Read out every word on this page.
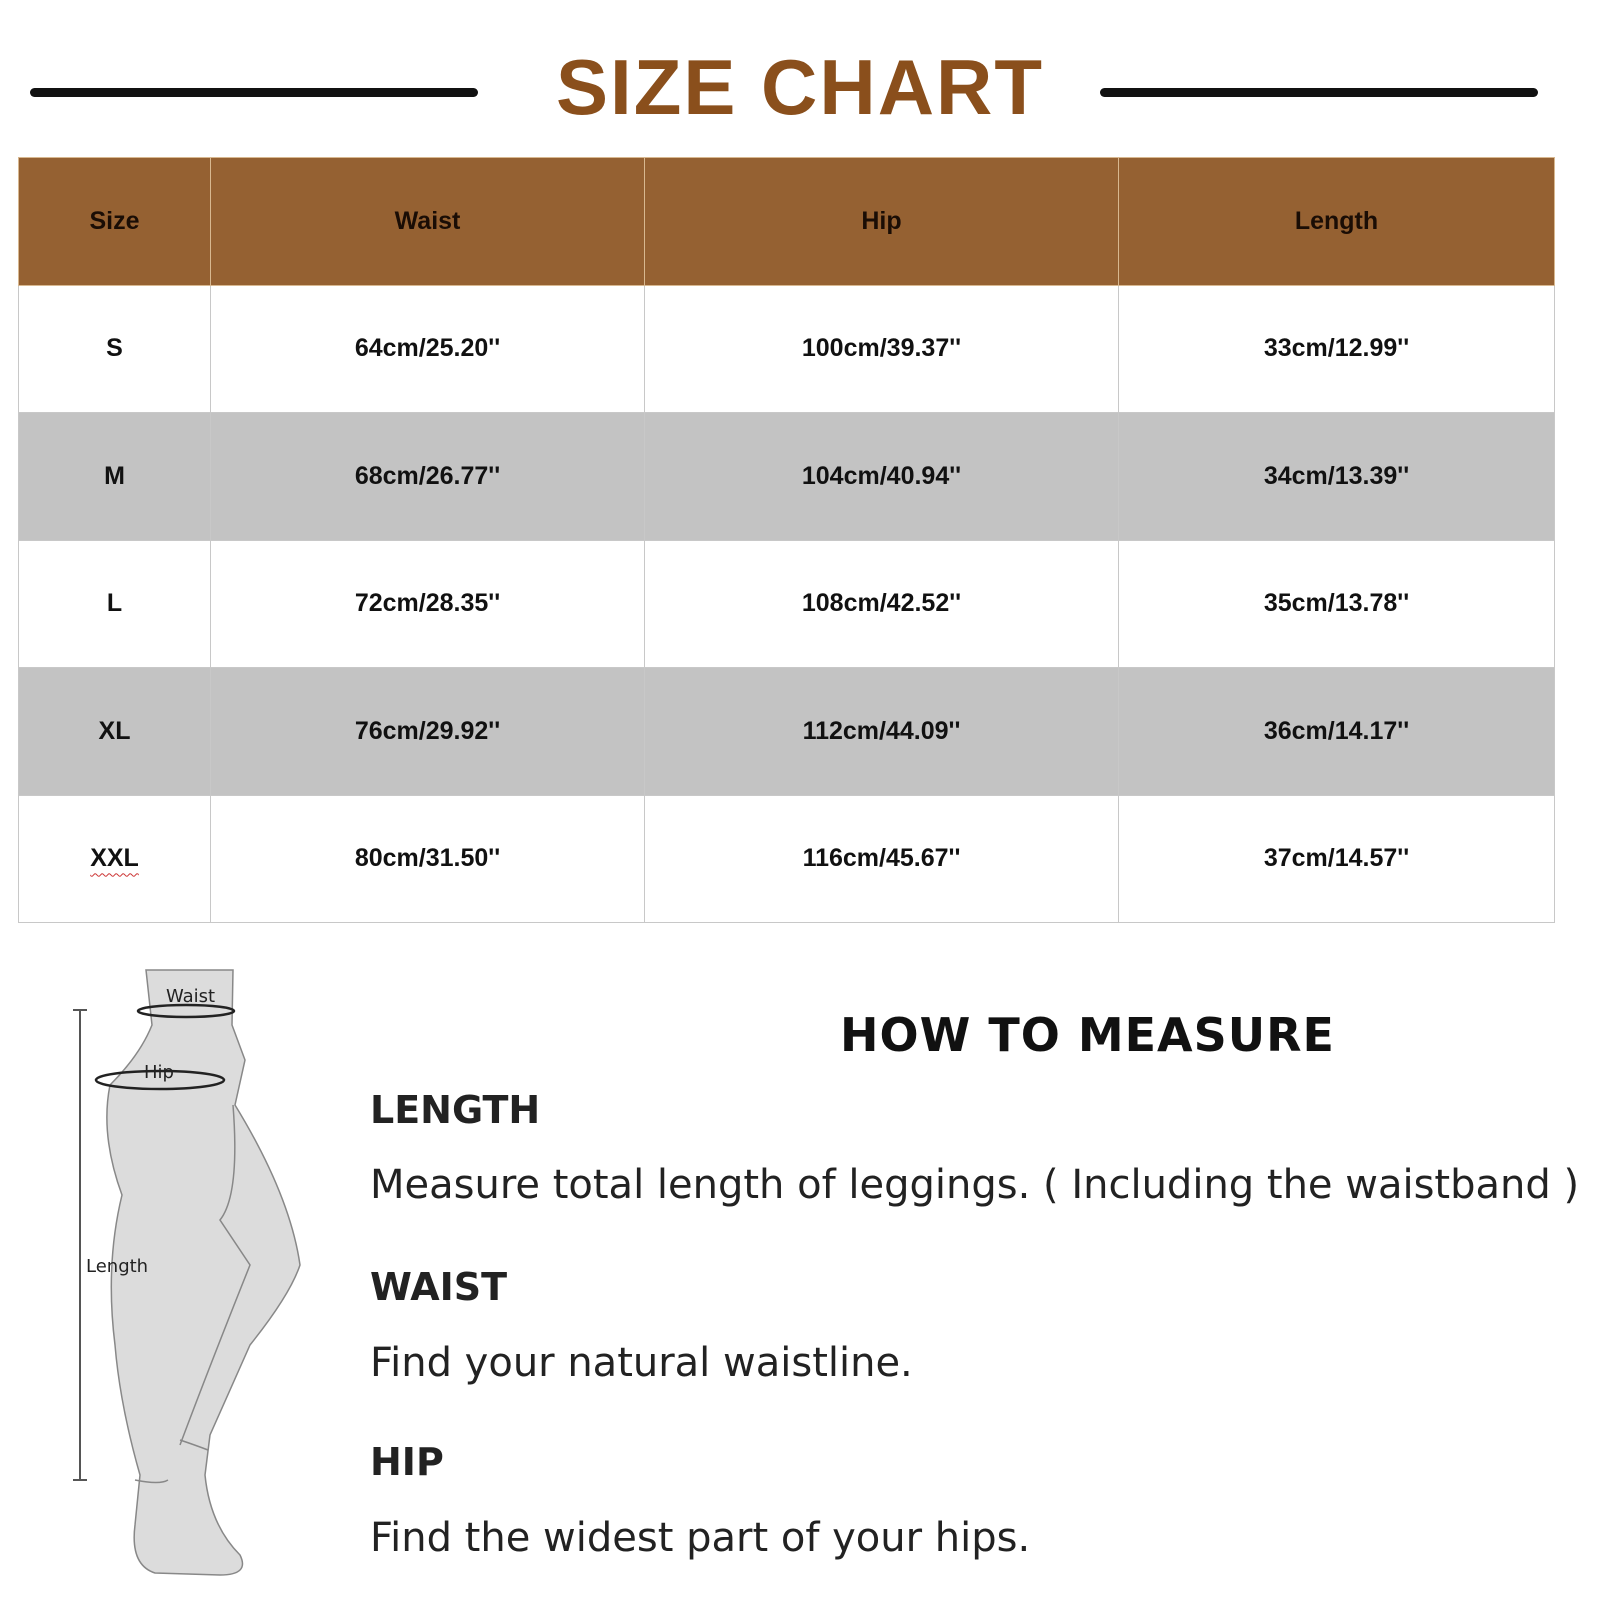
SIZE CHART
Size	Waist	Hip	Length
S	64cm/25.20''	100cm/39.37''	33cm/12.99''
M	68cm/26.77''	104cm/40.94''	34cm/13.39''
L	72cm/28.35''	108cm/42.52''	35cm/13.78''
XL	76cm/29.92''	112cm/44.09''	36cm/14.17''
XXL	80cm/31.50''	116cm/45.67''	37cm/14.57''
Waist
Hip
Length
HOW TO MEASURE
LENGTH
Measure total length of leggings. ( Including the waistband )
WAIST
Find your natural waistline.
HIP
Find the widest part of your hips.
